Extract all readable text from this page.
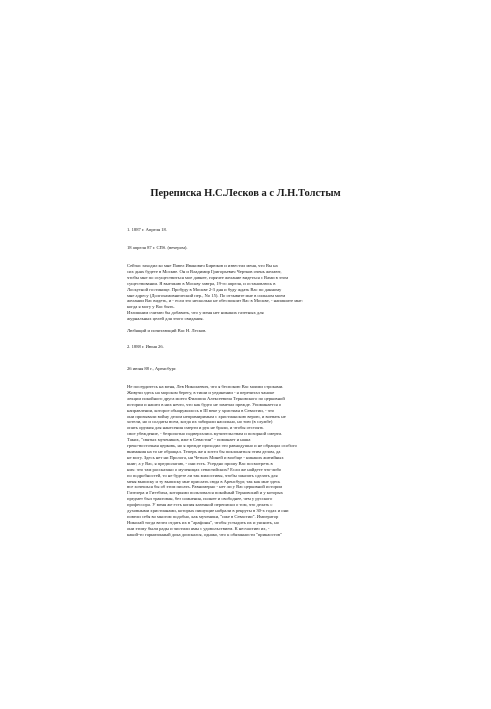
Переписка Н.С.Лесков а с Л.Н.Толстым

1. 1887 г. Апреля 18.

18 апреля 87 г. СПб. (вечером).

Сейчас заходил ко мне Павел Иванович Бирюков и известил меня, что Вы на
сих днях будете в Москве. Он и Владимир Григорьевич Чертков очень желают,
чтобы мне по осуществиться мое давнее, горячее желание видеться с Вами в этом
существовании. Я выезжаю в Москву завтра, 19-го апреля, и остановлюсь в
Лоскутной гостинице. Пробуду в Москве 2-3 дня и буду ждать Вас по данному
мне адресу (Долгохамовнический пер., No 15). По отзывите мне в сильном моем
желании Вас видеть, и - если это несколько не обеспокоит Вас в Москве, - напишите мне:
когда я могу у Вас быть.
Излишним считаю бы добавить, что у меня нет никаких газетных для
журнальных целей для этого свидания.

Любящий и почитающий Вас Н. Лесков.

2. 1888 г. Июня 26.

26 июня 88 г., Аренсбург.

Не посердитесь на меня, Лев Николаевич, что я беспокою Вас моими строками.
Живучи здесь на морском берегу, в тиши и уединении - я перечитал чаноке
лекции покойного друга моего Филиппа Алексеевича Терновского по церковной
истории и нашел в них нечто, что как будто не замечал прежде. Упоминается о
направлении, которое обнаружилось в III веке у христиан в Севастии, - что
они призывали войну делом непримиримым с христианскою верою, и воевать не
хотели, но и солдаты всем, когда их забирали насильно, но тою (в службе)
опять оружия для нанесения смерти и рук не брали, и чтобы отстоять
свое убеждение, - безропотно подвергались мучительствам и позорной смерти.
Таких, "святых мучеников, иже в Севастии" - поминает и наша
греко-восточная церковь, но я прежде проходил это равнодушно и не обращал особого
внимания на то не обращал. Теперь же я хотел бы поклониться этим делам, да
не могу. Здесь нет ни Пролога, ни Четьих Миней и вообще - никаких житийных
книг; а у Вас, я предполагаю, - они есть. Усердно прошу Вас посмотреть в
них: что там рассказано о мученицах севастийских? Если же найдете что-либо
по подробностей, то не будете ли так милостивы, чтобы заказать сделать для
меня выписку и ту выписку мне прислать сюда в Аренсбург, так как мне здесь
все хочешься бы об этом писать. Равномерно - нет ли у Вас церковной истории
Гизелера и Гиттбиха, которыми пользовался покойный Терновский и у которых
предмет был трактован, без сомнения, полнее и свободнее, чем у русского
профессора. У меня же есть копия казенной переписки о том, что делать с
духовными христианами, которых пишущие набрали в рекруты в 30-х годах и они
повели себя во многом подобно, как мученики, "иже в Севастии". Император
Николай тогда велел отдать их в "арафоны", чтобы устыдить их и уяснить, но
они этому были рады и чистили ямы с удовольствием. К несчастию их, -
какой-то гарнизонный дока доискался, однако, что к обязанности "прикаостов"
